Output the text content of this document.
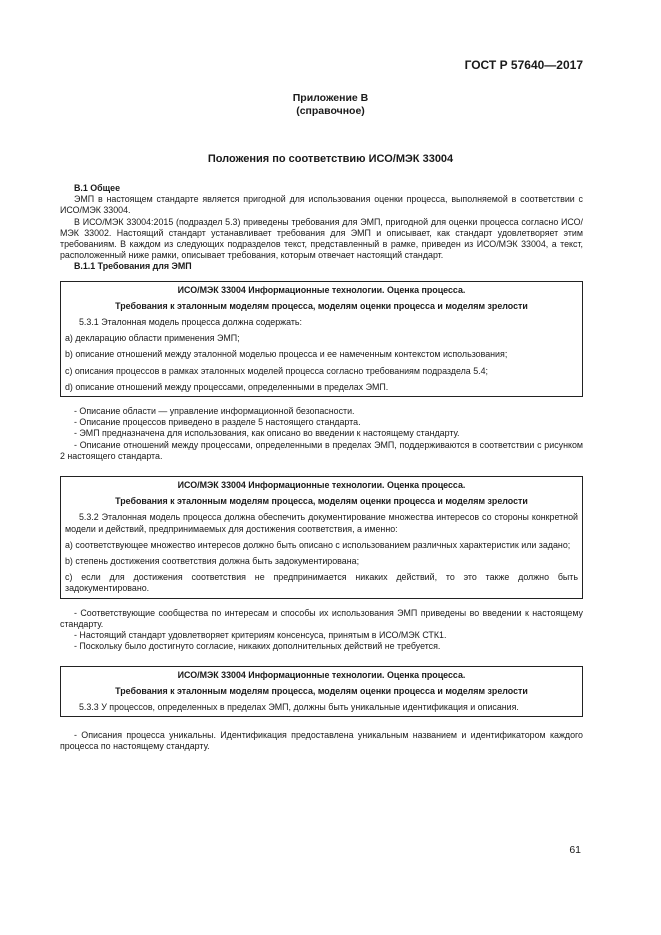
ГОСТ Р 57640—2017
Приложение В
(справочное)
Положения по соответствию ИСО/МЭК 33004

В.1 Общее

ЭМП в настоящем стандарте является пригодной для использования оценки процесса, выполняемой в соответствии с ИСО/МЭК 33004.

В ИСО/МЭК 33004:2015 (подраздел 5.3) приведены требования для ЭМП, пригодной для оценки процесса согласно ИСО/МЭК 33002. Настоящий стандарт устанавливает требования для ЭМП и описывает, как стандарт удовлетворяет этим требованиям. В каждом из следующих подразделов текст, представленный в рамке, приведен из ИСО/МЭК 33004, а текст, расположенный ниже рамки, описывает требования, которым отвечает настоящий стандарт.

В.1.1 Требования для ЭМП

ИСО/МЭК 33004 Информационные технологии. Оценка процесса.

Требования к эталонным моделям процесса, моделям оценки процесса и моделям зрелости

5.3.1 Эталонная модель процесса должна содержать:

a) декларацию области применения ЭМП;

b) описание отношений между эталонной моделью процесса и ее намеченным контекстом использования;

c) описания процессов в рамках эталонных моделей процесса согласно требованиям подраздела 5.4;

d) описание отношений между процессами, определенными в пределах ЭМП.

- Описание области — управление информационной безопасности.

- Описание процессов приведено в разделе 5 настоящего стандарта.

- ЭМП предназначена для использования, как описано во введении к настоящему стандарту.

- Описание отношений между процессами, определенными в пределах ЭМП, поддерживаются в соответствии с рисунком 2 настоящего стандарта.

ИСО/МЭК 33004 Информационные технологии. Оценка процесса.

Требования к эталонным моделям процесса, моделям оценки процесса и моделям зрелости

5.3.2 Эталонная модель процесса должна обеспечить документирование множества интересов со стороны конкретной модели и действий, предпринимаемых для достижения соответствия, а именно:

a) соответствующее множество интересов должно быть описано с использованием различных характеристик или задано;

b) степень достижения соответствия должна быть задокументирована;

c) если для достижения соответствия не предпринимается никаких действий, то это также должно быть задокументировано.

- Соответствующие сообщества по интересам и способы их использования ЭМП приведены во введении к настоящему стандарту.

- Настоящий стандарт удовлетворяет критериям консенсуса, принятым в ИСО/МЭК СТК1.

- Поскольку было достигнуто согласие, никаких дополнительных действий не требуется.

ИСО/МЭК 33004 Информационные технологии. Оценка процесса.

Требования к эталонным моделям процесса, моделям оценки процесса и моделям зрелости

5.3.3 У процессов, определенных в пределах ЭМП, должны быть уникальные идентификация и описания.

- Описания процесса уникальны. Идентификация предоставлена уникальным названием и идентификатором каждого процесса по настоящему стандарту.

61
